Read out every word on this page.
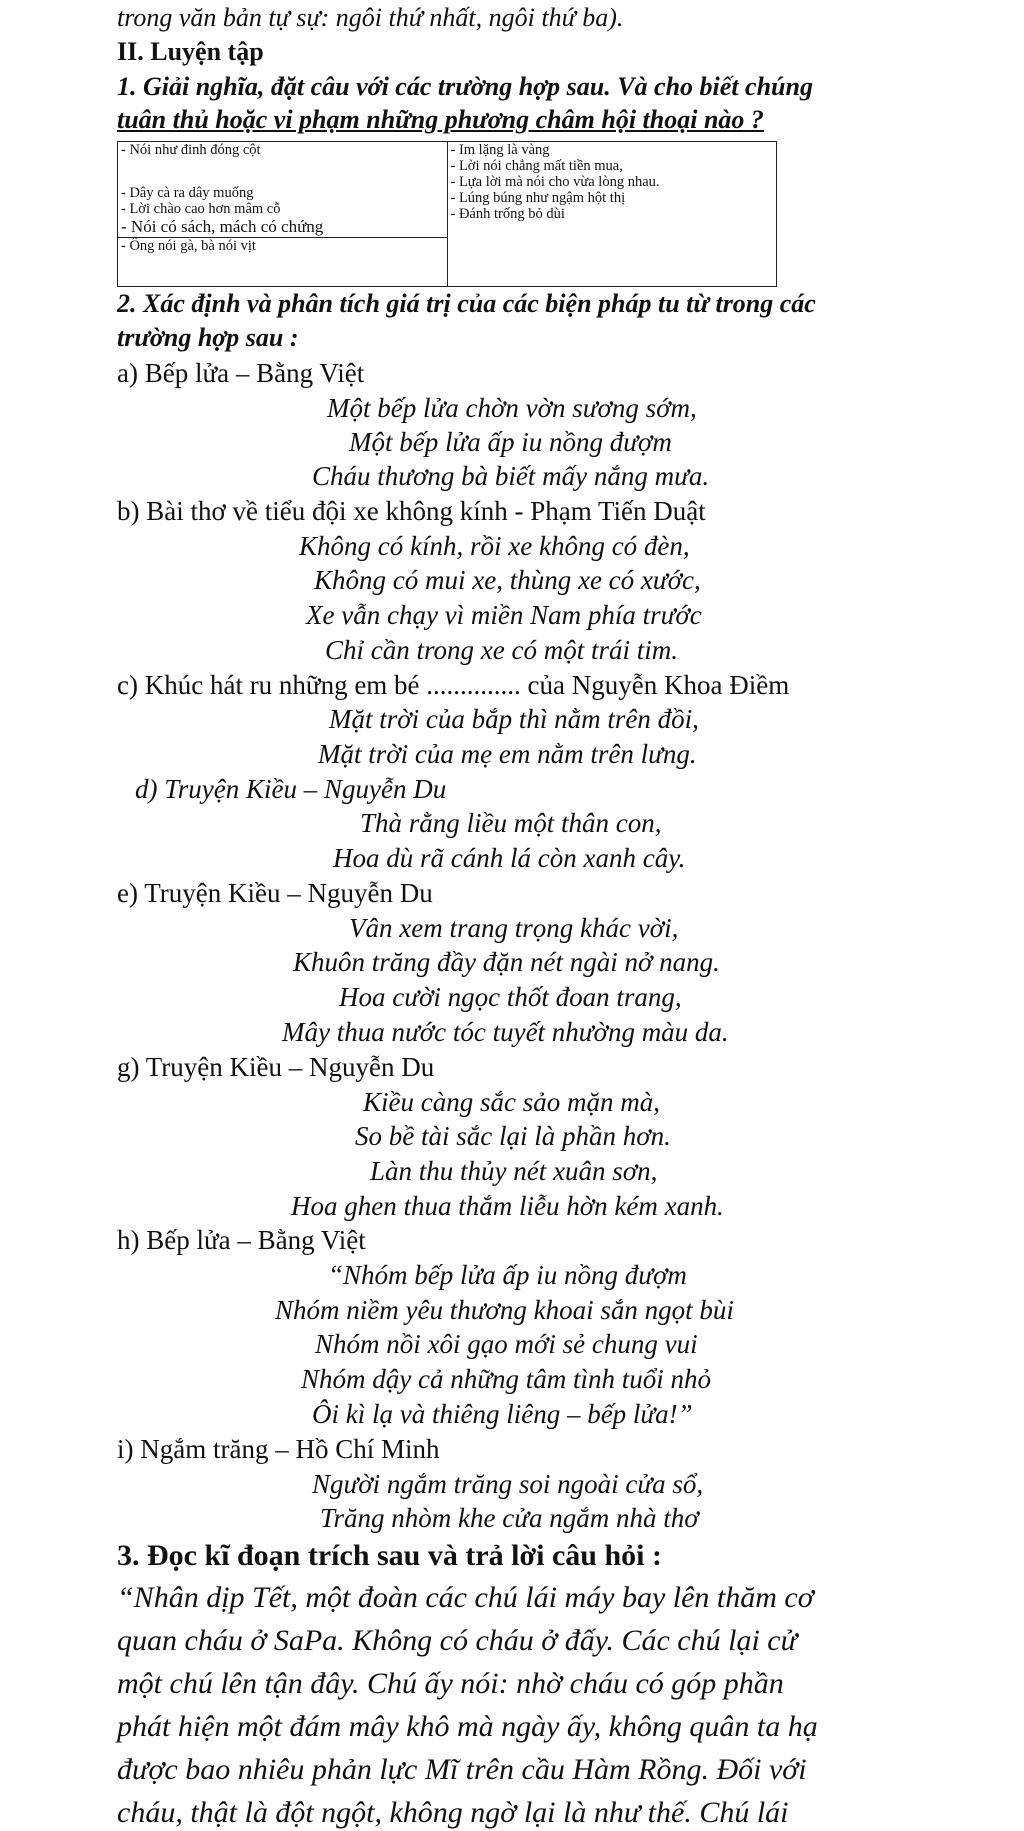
trong văn bản tự sự: ngôi thứ nhất, ngôi thứ ba).
II. Luyện tập
1. Giải nghĩa, đặt câu với các trường hợp sau. Và cho biết chúng
tuân thủ hoặc vi phạm những phương châm hội thoại nào ?
- Nói như đinh đóng cột
- Dây cà ra dây muống
- Lời chào cao hơn mâm cỗ
- Nói có sách, mách có chứng
- Ông nói gà, bà nói vịt

- Im lặng là vàng
- Lời nói chẳng mất tiền mua,
- Lựa lời mà nói cho vừa lòng nhau.
- Lúng búng như ngậm hột thị
- Đánh trống bỏ dùi
2. Xác định và phân tích giá trị của các biện pháp tu từ trong các
trường hợp sau :
a) Bếp lửa – Bằng Việt
Một bếp lửa chờn vờn sương sớm,
Một bếp lửa ấp iu nồng đượm
Cháu thương bà biết mấy nắng mưa.
b) Bài thơ về tiểu đội xe không kính - Phạm Tiến Duật
Không có kính, rồi xe không có đèn,
Không có mui xe, thùng xe có xước,
Xe vẫn chạy vì miền Nam phía trước
Chỉ cần trong xe có một trái tim.
c) Khúc hát ru những em bé .............. của Nguyễn Khoa Điềm
Mặt trời của bắp thì nằm trên đồi,
Mặt trời của mẹ em nằm trên lưng.
d) Truyện Kiều – Nguyễn Du
Thà rằng liều một thân con,
Hoa dù rã cánh lá còn xanh cây.
e) Truyện Kiều – Nguyễn Du
Vân xem trang trọng khác vời,
Khuôn trăng đầy đặn nét ngài nở nang.
Hoa cười ngọc thốt đoan trang,
Mây thua nước tóc tuyết nhường màu da.
g) Truyện Kiều – Nguyễn Du
Kiều càng sắc sảo mặn mà,
So bề tài sắc lại là phần hơn.
Làn thu thủy nét xuân sơn,
Hoa ghen thua thắm liễu hờn kém xanh.
h) Bếp lửa – Bằng Việt
“Nhóm bếp lửa ấp iu nồng đượm
Nhóm niềm yêu thương khoai sắn ngọt bùi
Nhóm nồi xôi gạo mới sẻ chung vui
Nhóm dậy cả những tâm tình tuổi nhỏ
Ôi kì lạ và thiêng liêng – bếp lửa!”
i) Ngắm trăng – Hồ Chí Minh
Người ngắm trăng soi ngoài cửa sổ,
Trăng nhòm khe cửa ngắm nhà thơ
3. Đọc kĩ đoạn trích sau và trả lời câu hỏi :
“Nhân dịp Tết, một đoàn các chú lái máy bay lên thăm cơ
quan cháu ở SaPa. Không có cháu ở đấy. Các chú lại cử
một chú lên tận đây. Chú ấy nói: nhờ cháu có góp phần
phát hiện một đám mây khô mà ngày ấy, không quân ta hạ
được bao nhiêu phản lực Mĩ trên cầu Hàm Rồng. Đối với
cháu, thật là đột ngột, không ngờ lại là như thế. Chú lái
